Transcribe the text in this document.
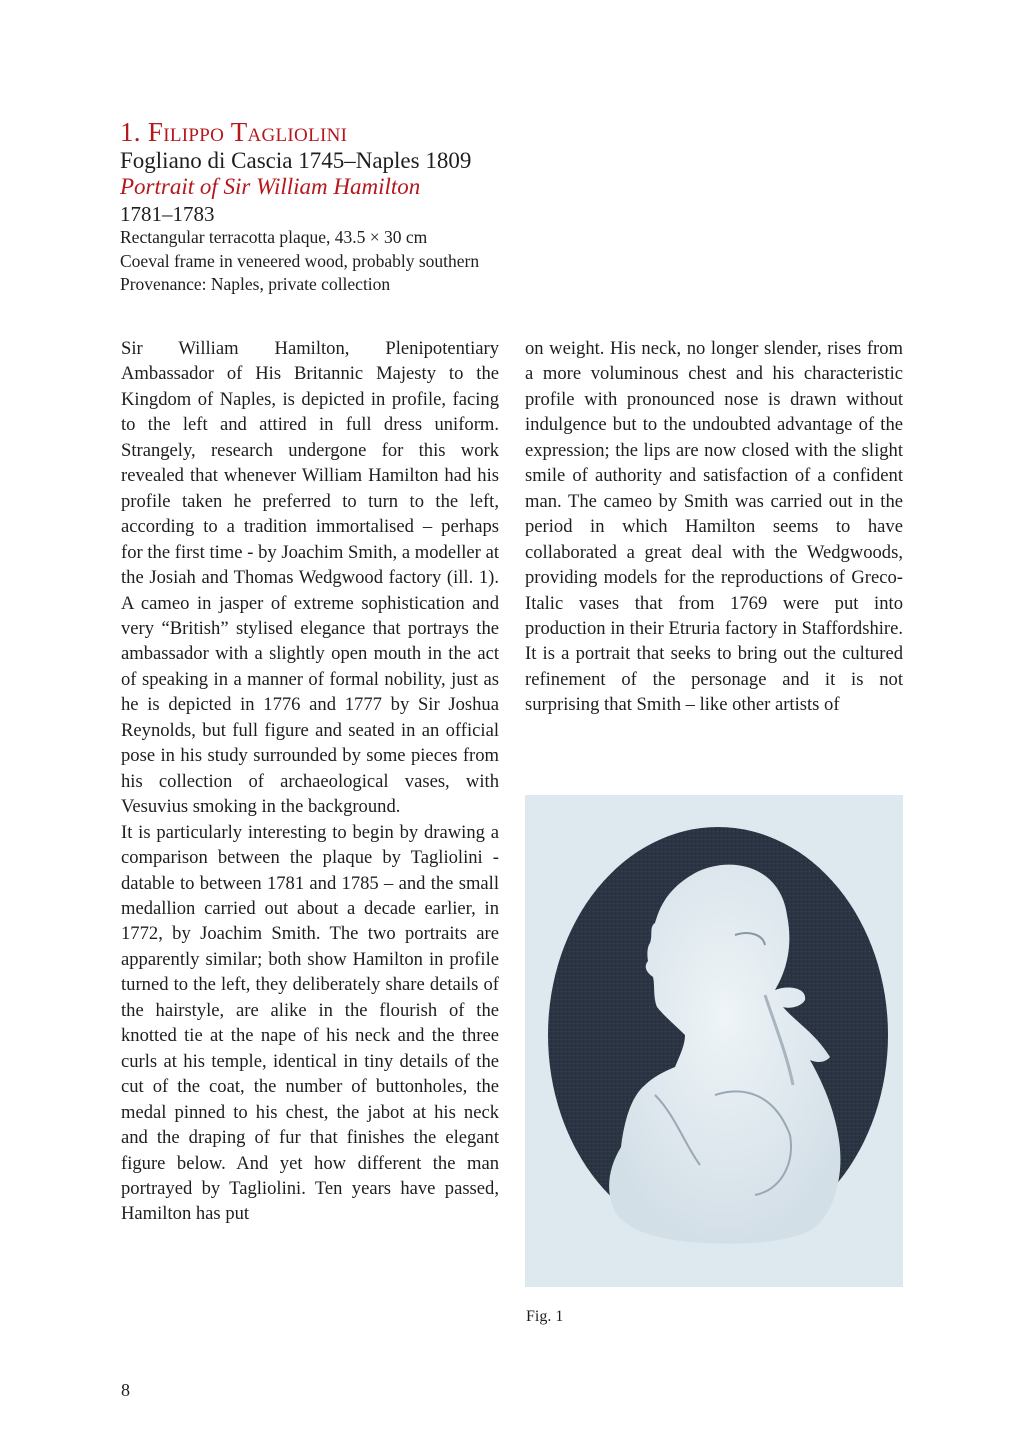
1. Filippo Tagliolini
Fogliano di Cascia 1745–Naples 1809
Portrait of Sir William Hamilton
1781–1783
Rectangular terracotta plaque, 43.5 × 30 cm
Coeval frame in veneered wood, probably southern
Provenance: Naples, private collection

Sir William Hamilton, Plenipotentiary Ambassador of His Britannic Majesty to the Kingdom of Naples, is depicted in profile, facing to the left and attired in full dress uniform. Strangely, research undergone for this work revealed that whenever William Hamilton had his profile taken he preferred to turn to the left, according to a tradition immortalised – perhaps for the first time - by Joachim Smith, a modeller at the Josiah and Thomas Wedgwood factory (ill. 1). A cameo in jasper of extreme sophistication and very “British” stylised elegance that portrays the ambassador with a slightly open mouth in the act of speaking in a manner of formal nobility, just as he is depicted in 1776 and 1777 by Sir Joshua Reynolds, but full figure and seated in an official pose in his study surrounded by some pieces from his collection of archaeological vases, with Vesuvius smoking in the background.

It is particularly interesting to begin by drawing a comparison between the plaque by Tagliolini - datable to between 1781 and 1785 – and the small medallion carried out about a decade earlier, in 1772, by Joachim Smith. The two portraits are apparently similar; both show Hamilton in profile turned to the left, they deliberately share details of the hairstyle, are alike in the flourish of the knotted tie at the nape of his neck and the three curls at his temple, identical in tiny details of the cut of the coat, the number of buttonholes, the medal pinned to his chest, the jabot at his neck and the draping of fur that finishes the elegant figure below. And yet how different the man portrayed by Tagliolini. Ten years have passed, Hamilton has put

on weight. His neck, no longer slender, rises from a more voluminous chest and his characteristic profile with pronounced nose is drawn without indulgence but to the undoubted advantage of the expression; the lips are now closed with the slight smile of authority and satisfaction of a confident man. The cameo by Smith was carried out in the period in which Hamilton seems to have collaborated a great deal with the Wedgwoods, providing models for the reproductions of Greco-Italic vases that from 1769 were put into production in their Etruria factory in Staffordshire. It is a portrait that seeks to bring out the cultured refinement of the personage and it is not surprising that Smith – like other artists of

Fig. 1
8
